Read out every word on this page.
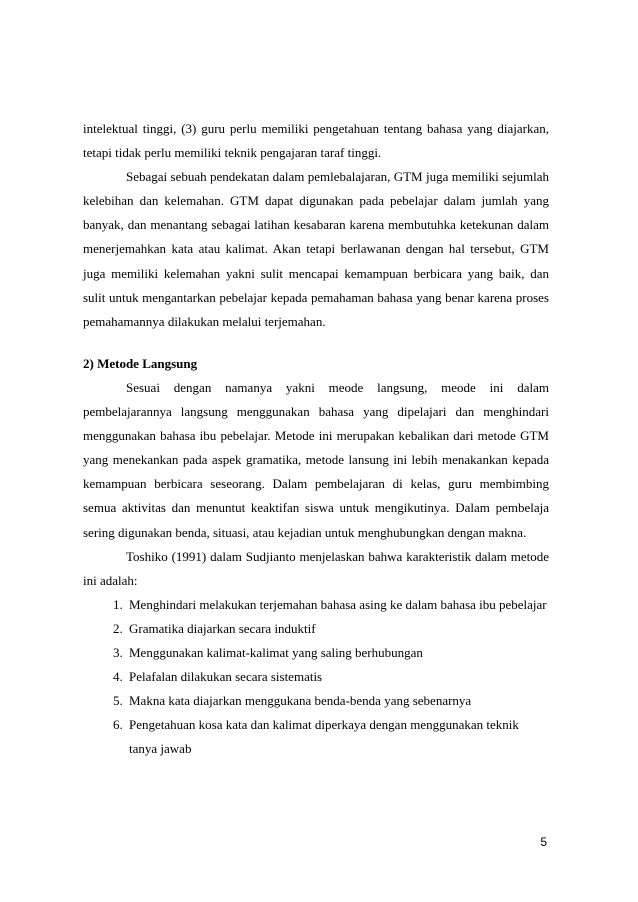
intelektual tinggi, (3) guru perlu memiliki pengetahuan tentang bahasa yang diajarkan, tetapi tidak perlu memiliki teknik pengajaran taraf tinggi.

Sebagai sebuah pendekatan dalam pemlebalajaran, GTM juga memiliki sejumlah kelebihan dan kelemahan. GTM dapat digunakan pada pebelajar dalam jumlah yang banyak, dan menantang sebagai latihan kesabaran karena membutuhka ketekunan dalam menerjemahkan kata atau kalimat. Akan tetapi berlawanan dengan hal tersebut, GTM juga memiliki kelemahan yakni sulit mencapai kemampuan berbicara yang baik, dan sulit untuk mengantarkan pebelajar kepada pemahaman bahasa yang benar karena proses pemahamannya dilakukan melalui terjemahan.

2) Metode Langsung

Sesuai dengan namanya yakni meode langsung, meode ini dalam pembelajarannya langsung menggunakan bahasa yang dipelajari dan menghindari menggunakan bahasa ibu pebelajar. Metode ini merupakan kebalikan dari metode GTM yang menekankan pada aspek gramatika, metode lansung ini lebih menakankan kepada kemampuan berbicara seseorang. Dalam pembelajaran di kelas, guru membimbing semua aktivitas dan menuntut keaktifan siswa untuk mengikutinya. Dalam pembelaja sering digunakan benda, situasi, atau kejadian untuk menghubungkan dengan makna.

Toshiko (1991) dalam Sudjianto menjelaskan bahwa karakteristik dalam metode ini adalah:

1. Menghindari melakukan terjemahan bahasa asing ke dalam bahasa ibu pebelajar
2. Gramatika diajarkan secara induktif
3. Menggunakan kalimat-kalimat yang saling berhubungan
4. Pelafalan dilakukan secara sistematis
5. Makna kata diajarkan menggukana benda-benda yang sebenarnya
6. Pengetahuan kosa kata dan kalimat diperkaya dengan menggunakan teknik tanya jawab
5
